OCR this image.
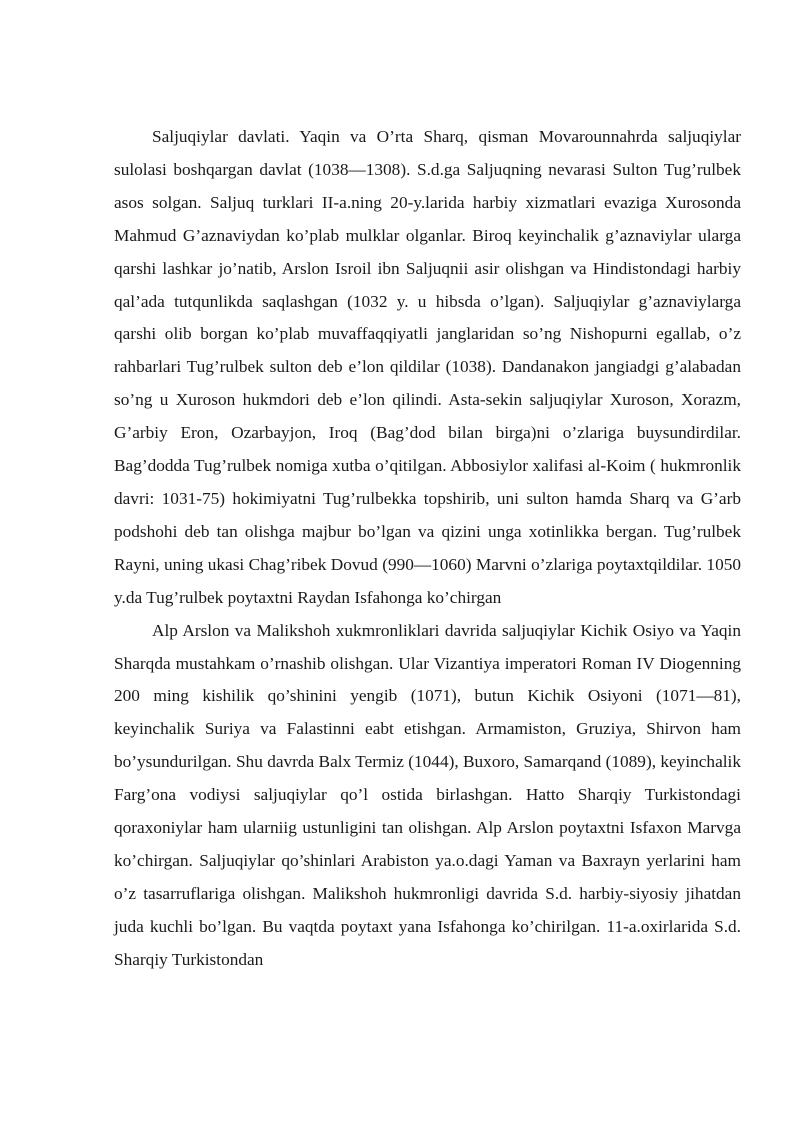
Saljuqiylar davlati. Yaqin va O’rta Sharq, qisman Movarounnahrda saljuqiylar sulolasi boshqargan davlat (1038—1308). S.d.ga Saljuqning nevarasi Sulton Tug’rulbek asos solgan. Saljuq turklari II-a.ning 20-y.larida harbiy xizmatlari evaziga Xurosonda Mahmud G’aznaviydan ko’plab mulklar olganlar. Biroq keyinchalik g’aznaviylar ularga qarshi lashkar jo’natib, Arslon Isroil ibn Saljuqnii asir olishgan va Hindistondagi harbiy qal’ada tutqunlikda saqlashgan (1032 y. u hibsda o’lgan). Saljuqiylar g’aznaviylarga qarshi olib borgan ko’plab muvaffaqqiyatli janglaridan so’ng Nishopurni egallab, o’z rahbarlari Tug’rulbek sulton deb e’lon qildilar (1038). Dandanakon jangiadgi g’alabadan so’ng u Xuroson hukmdori deb e’lon qilindi. Asta-sekin saljuqiylar Xuroson, Xorazm, G’arbiy Eron, Ozarbayjon, Iroq (Bag’dod bilan birga)ni o’zlariga buysundirdilar. Bag’dodda Tug’rulbek nomiga xutba o’qitilgan. Abbosiylor xalifasi al-Koim ( hukmronlik davri: 1031-75) hokimiyatni Tug’rulbekka topshirib, uni sulton hamda Sharq va G’arb podshohi deb tan olishga majbur bo’lgan va qizini unga xotinlikka bergan. Tug’rulbek Rayni, uning ukasi Chag’ribek Dovud (990—1060) Marvni o’zlariga poytaxtqildilar. 1050 y.da Tug’rulbek poytaxtni Raydan Isfahonga ko’chirgan

Alp Arslon va Malikshoh xukmronliklari davrida saljuqiylar Kichik Osiyo va Yaqin Sharqda mustahkam o’rnashib olishgan. Ular Vizantiya imperatori Roman IV Diogenning 200 ming kishilik qo’shinini yengib (1071), butun Kichik Osiyoni (1071—81), keyinchalik Suriya va Falastinni eabt etishgan. Armamiston, Gruziya, Shirvon ham bo’ysundurilgan. Shu davrda Balx Termiz (1044), Buxoro, Samarqand (1089), keyinchalik Farg’ona vodiysi saljuqiylar qo’l ostida birlashgan. Hatto Sharqiy Turkistondagi qoraxoniylar ham ularniig ustunligini tan olishgan. Alp Arslon poytaxtni Isfaxon Marvga ko’chirgan. Saljuqiylar qo’shinlari Arabiston ya.o.dagi Yaman va Baxrayn yerlarini ham o’z tasarruflariga olishgan. Malikshoh hukmronligi davrida S.d. harbiy-siyosiy jihatdan juda kuchli bo’lgan. Bu vaqtda poytaxt yana Isfahonga ko’chirilgan. 11-a.oxirlarida S.d. Sharqiy Turkistondan
